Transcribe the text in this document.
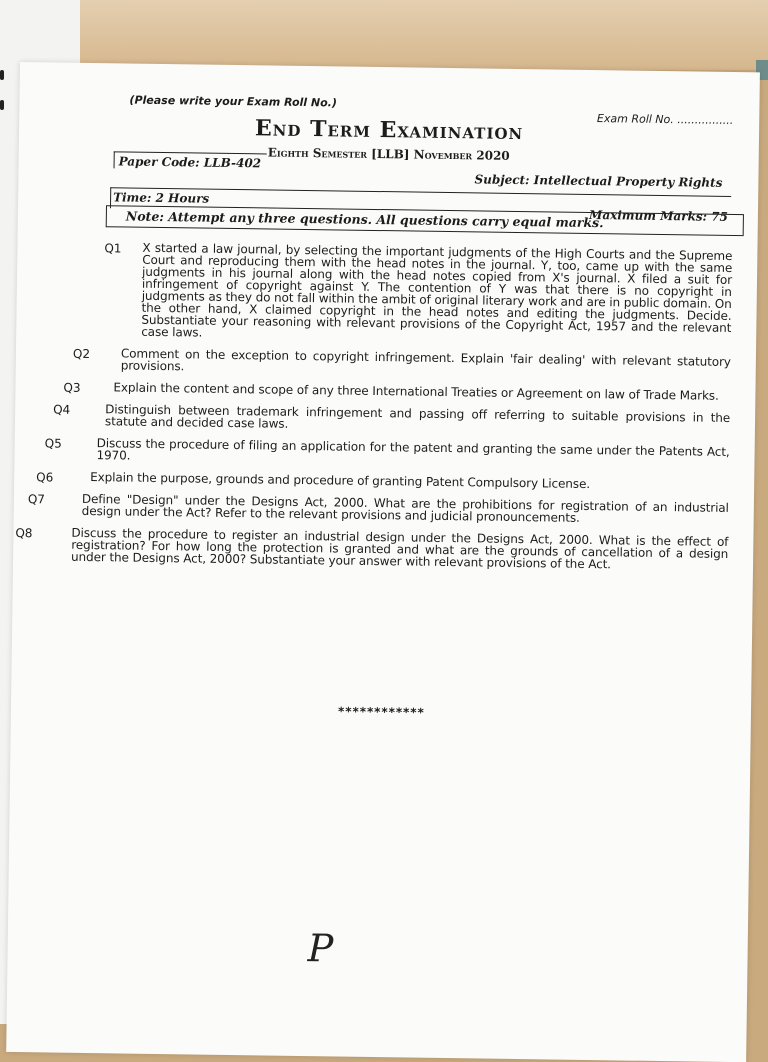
(Please write your Exam Roll No.)
Exam Roll No. ................
End Term Examination
Eighth Semester [LLB] November 2020
Paper Code: LLB-402
Subject: Intellectual Property Rights
Time: 2 Hours
Maximum Marks: 75
Note: Attempt any three questions. All questions carry equal marks.
Q1 X started a law journal, by selecting the important judgments of the High Courts and the Supreme Court and reproducing them with the head notes in the journal. Y, too, came up with the same judgments in his journal along with the head notes copied from X's journal. X filed a suit for infringement of copyright against Y. The contention of Y was that there is no copyright in judgments as they do not fall within the ambit of original literary work and are in public domain. On the other hand, X claimed copyright in the head notes and editing the judgments. Decide. Substantiate your reasoning with relevant provisions of the Copyright Act, 1957 and the relevant case laws.
Q2	Comment on the exception to copyright infringement. Explain 'fair dealing' with relevant statutory provisions.
Q3	Explain the content and scope of any three International Treaties or Agreement on law of Trade Marks.
Q4	Distinguish between trademark infringement and passing off referring to suitable provisions in the statute and decided case laws.
Q5	Discuss the procedure of filing an application for the patent and granting the same under the Patents Act, 1970.
Q6	Explain the purpose, grounds and procedure of granting Patent Compulsory License.
Q7	Define "Design" under the Designs Act, 2000. What are the prohibitions for registration of an industrial design under the Act? Refer to the relevant provisions and judicial pronouncements.
Q8	Discuss the procedure to register an industrial design under the Designs Act, 2000. What is the effect of registration? For how long the protection is granted and what are the grounds of cancellation of a design under the Designs Act, 2000? Substantiate your answer with relevant provisions of the Act.
************
P
